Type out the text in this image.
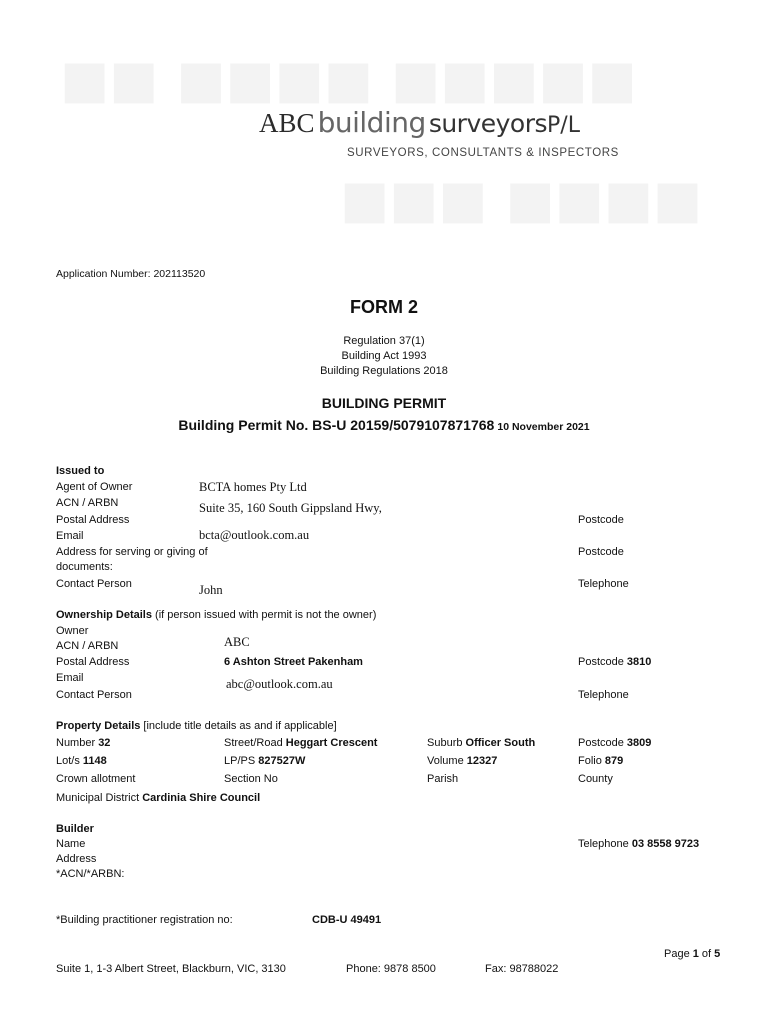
■■ ■■■■ ■■■■■
■■■ ■■■■
ABC building surveyorsP/L
SURVEYORS, CONSULTANTS & INSPECTORS
Application Number: 202113520
FORM 2
Regulation 37(1)
Building Act 1993
Building Regulations 2018
BUILDING PERMIT
Building Permit No. BS-U 20159/5079107871768 10 November 2021
Issued to
Agent of Owner	BCTA homes Pty Ltd
ACN / ARBN	Suite 35, 160 South Gippsland Hwy,
Postal Address	Postcode
Email	bcta@outlook.com.au
Address for serving or giving of
documents:
Postcode
Contact Person	John	Telephone
Ownership Details (if person issued with permit is not the owner)
Owner
ACN / ARBN	ABC
Postal Address	6 Ashton Street Pakenham	Postcode 3810
Email	abc@outlook.com.au
Contact Person	Telephone
Property Details [include title details as and if applicable]
Number 32	Street/Road Heggart Crescent	Suburb Officer South	Postcode 3809
Lot/s 1148	LP/PS 827527W	Volume 12327	Folio 879
Crown allotment	Section No	Parish	County
Municipal District Cardinia Shire Council
Builder
Name	Telephone 03 8558 9723
Address
*ACN/*ARBN:
*Building practitioner registration no:	CDB-U 49491
Page 1 of 5
Suite 1, 1-3 Albert Street, Blackburn, VIC, 3130	Phone: 9878 8500	Fax: 98788022
